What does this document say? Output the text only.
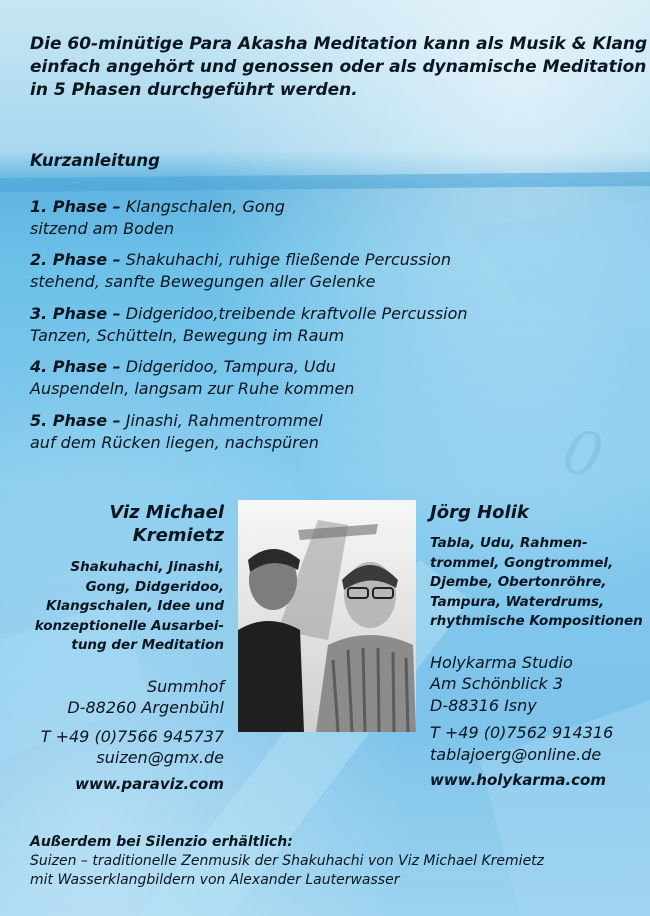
0
Die 60-minütige Para Akasha Meditation kann als Musik & Klang
einfach angehört und genossen oder als dynamische Meditation
in 5 Phasen durchgeführt werden.
Kurzanleitung
1. Phase – Klangschalen, Gong
sitzend am Boden
2. Phase – Shakuhachi, ruhige fließende Percussion
stehend, sanfte Bewegungen aller Gelenke
3. Phase – Didgeridoo,treibende kraftvolle Percussion
Tanzen, Schütteln, Bewegung im Raum
4. Phase – Didgeridoo, Tampura, Udu
Auspendeln, langsam zur Ruhe kommen
5. Phase – Jinashi, Rahmentrommel
auf dem Rücken liegen, nachspüren
Viz Michael
Kremietz
Shakuhachi, Jinashi,
Gong, Didgeridoo,
Klangschalen, Idee und
konzeptionelle Ausarbei-
tung der Meditation
Summhof
D-88260 Argenbühl
T +49 (0)7566 945737
suizen@gmx.de
www.paraviz.com
Jörg Holik
Tabla, Udu, Rahmen-
trommel, Gongtrommel,
Djembe, Obertonröhre,
Tampura, Waterdrums,
rhythmische Kompositionen
Holykarma Studio
Am Schönblick 3
D-88316 Isny
T +49 (0)7562 914316
tablajoerg@online.de
www.holykarma.com
Außerdem bei Silenzio erhältlich:
Suizen – traditionelle Zenmusik der Shakuhachi von Viz Michael Kremietz
mit Wasserklangbildern von Alexander Lauterwasser
